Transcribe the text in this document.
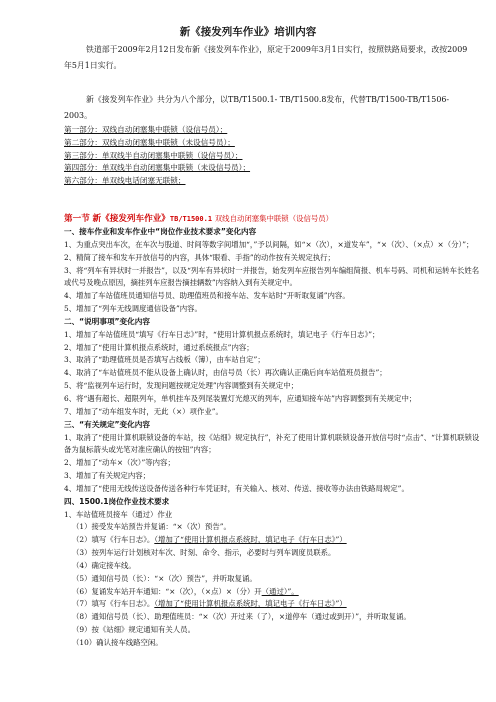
新《接发列车作业》培训内容
铁道部于2009年2月12日发布新《接发列车作业》，原定于2009年3月1日实行，按照铁路局要求，改按2009年5月1日实行。
新《接发列车作业》共分为八个部分，以TB/T1500.1- TB/T1500.8发布，代替TB/T1500-TB/T1506-2003。
第一部分：双线自动闭塞集中联锁（设信号员）；
第二部分：双线自动闭塞集中联锁（未设信号员）；
第三部分：单双线半自动闭塞集中联锁（设信号员）；
第四部分：单双线半自动闭塞集中联锁（未设信号员）；
第六部分：单双线电话闭塞无联锁；
第一节 新《接发列车作业》TB/T1500.1 双线自动闭塞集中联锁（设信号员）
一、接车作业和发车作业中“岗位作业技术要求”变化内容
1、为重点突出车次，在车次与股道、时间等数字间增加“，”予以间隔，如“×（次），×道发车”，“×（次）、（×点）×（分）”；
2、精简了接车和发车开放信号的内容，具体“眼看、手指”的动作按有关规定执行；
3、将“列车有异状时一并报告”，以及“列车有异状时一并报告，始发列车应报告列车编组简报、机车号码、司机和运转车长姓名或代号及晚点原因，摘挂列车应报告摘挂辆数”内容纳入到有关规定中。
4、增加了车站值班员通知信号员、助理值班员和接车站、发车站时“开听取复诵”内容。
5、增加了“列车无线调度通信设备”内容。
二、“说明事项”变化内容
1、增加了车站值班员“填写《行车日志》”时，“使用计算机报点系统时，填记电子《行车日志》”；
2、增加了“使用计算机报点系统时，通过系统报点”内容；
3、取消了“助理值班员是否填写占线板（簿），由车站自定”；
4、取消了“车站值班员不能从设备上确认时，由信号员（长）再次确认正确后向车站值班员报告”；
5、将“监视列车运行时，发现问题按规定处理”内容调整到有关规定中；
6、将“遇有超长、超限列车，单机挂车及列尾装置灯光熄灭的列车，应通知接车站”内容调整到有关规定中；
7、增加了“动车组发车时，无此（×）项作业”。
三、“有关规定”变化内容
1、取消了“使用计算机联锁设备的车站，按《站细》规定执行”，补充了使用计算机联锁设备开放信号时“点击”、“计算机联锁设备为鼠标箭头或光笔对准应确认的按钮”内容；
2、增加了“动车×（次）”等内容；
3、增加了有关规定内容；
4、增加了“使用无线传送设备传送各种行车凭证时，有关输入、核对、传送、接收等办法由铁路局规定”。
四、1500.1岗位作业技术要求
1、车站值班员接车（通过）作业
（1）接受发车站预告并复诵：“×（次）预告”。
（2）填写《行车日志》。（增加了“使用计算机报点系统时，填记电子《行车日志》”）
（3）按列车运行计划核对车次、时刻、命令、指示，必要时与列车调度员联系。
（4）确定接车线。
（5）通知信号员（长）：“×（次）预告”，并听取复诵。
（6）复诵发车站开车通知：“×（次），（×点）×（分）开（通过）”。
（7）填写《行车日志》。（增加了“使用计算机报点系统时，填记电子《行车日志》”）
（8）通知信号员（长）、助理值班员：“×（次）开过来（了），×道停车（通过或到开）”，并听取复诵。
（9）按《站细》规定通知有关人员。
（10）确认接车线路空闲。
